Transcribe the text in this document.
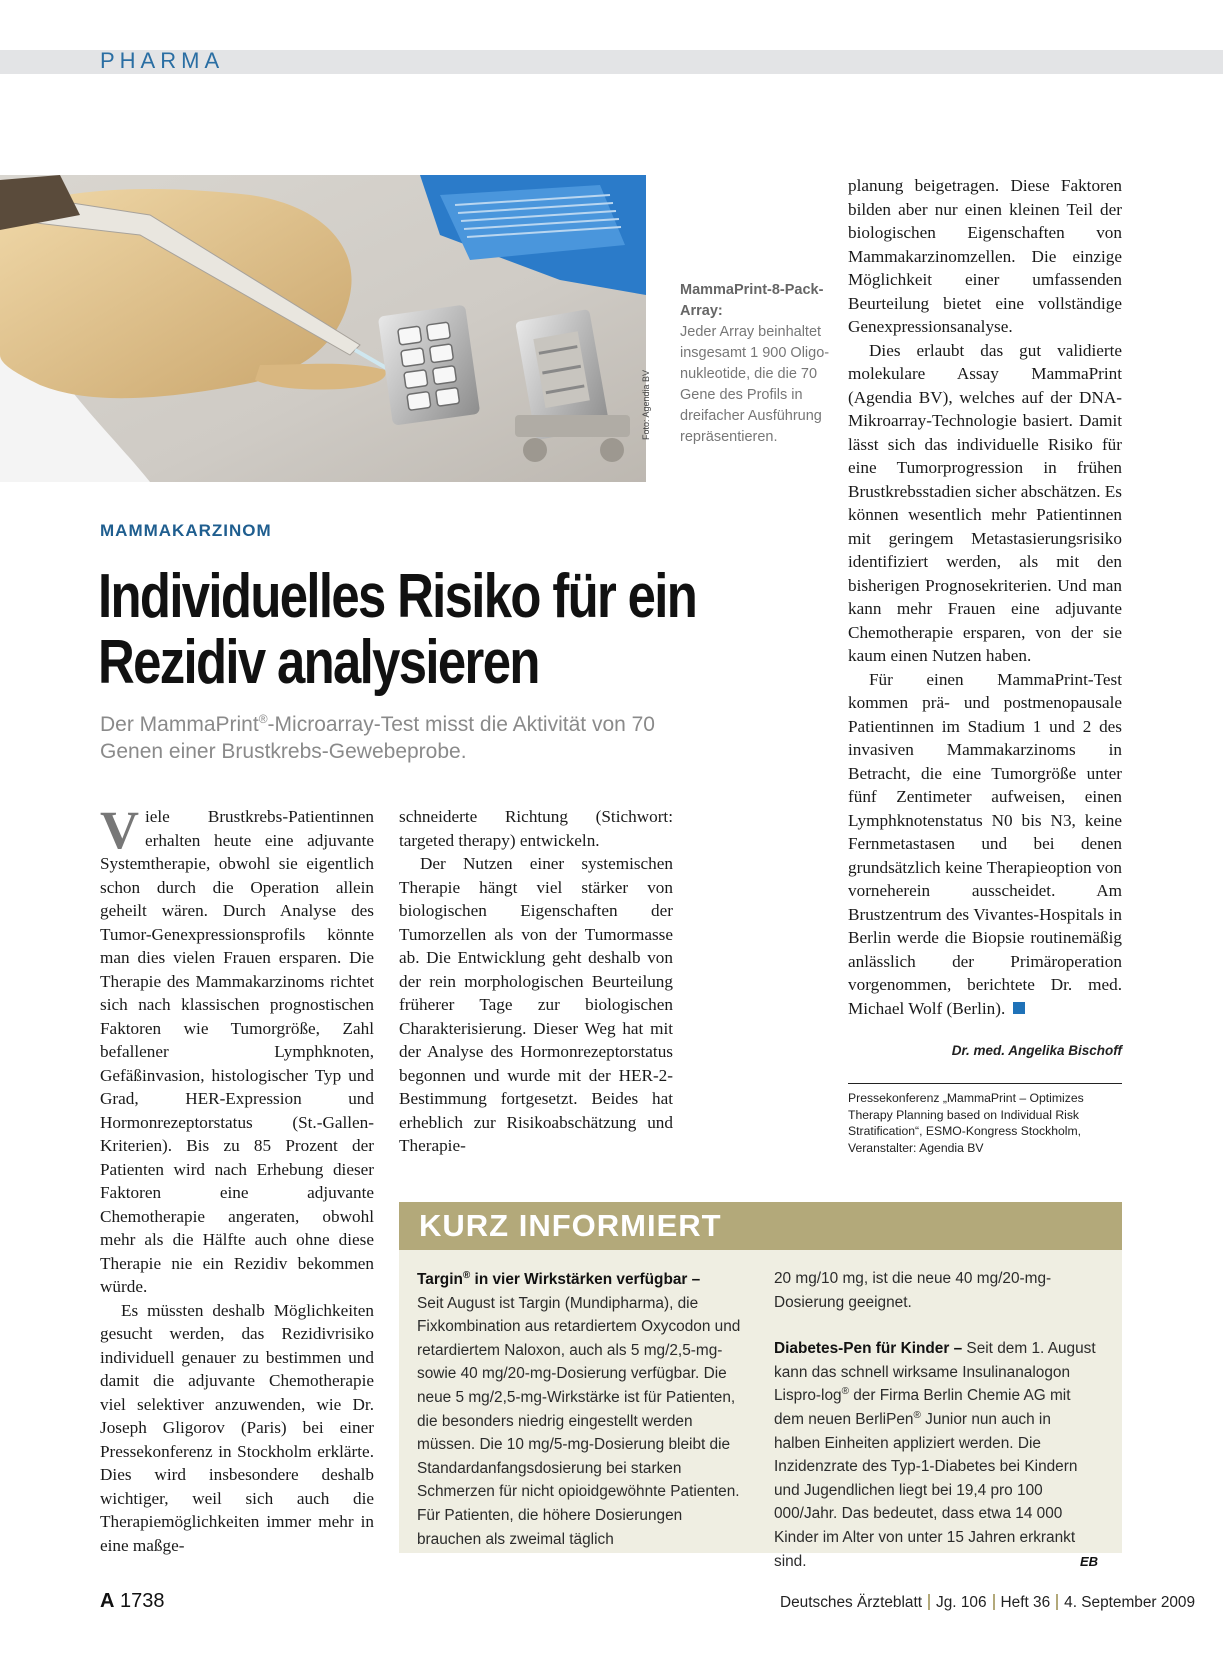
PHARMA
Foto: Agendia BV
MammaPrint-8-Pack-Array:
Jeder Array beinhaltet insgesamt 1 900 Oligo-nukleotide, die die 70 Gene des Profils in dreifacher Ausführung repräsentieren.
MAMMAKARZINOM
Individuelles Risiko für ein
Rezidiv analysieren
Der MammaPrint®-Microarray-Test misst die Aktivität von 70 Genen einer Brustkrebs-Gewebeprobe.

Viele Brustkrebs-Patientinnen erhalten heute eine adjuvante Systemtherapie, obwohl sie eigentlich schon durch die Operation allein geheilt wären. Durch Analyse des Tumor-Genexpressionsprofils könnte man dies vielen Frauen ersparen. Die Therapie des Mammakarzinoms richtet sich nach klassischen prognostischen Faktoren wie Tumorgröße, Zahl befallener Lymphknoten, Gefäßinvasion, histologischer Typ und Grad, HER-Expression und Hormonrezeptorstatus (St.-Gallen-Kriterien). Bis zu 85 Prozent der Patienten wird nach Erhebung dieser Faktoren eine adjuvante Chemotherapie angeraten, obwohl mehr als die Hälfte auch ohne diese Therapie nie ein Rezidiv bekommen würde.

Es müssten deshalb Möglichkeiten gesucht werden, das Rezidivrisiko individuell genauer zu bestimmen und damit die adjuvante Chemotherapie viel selektiver anzuwenden, wie Dr. Joseph Gligorov (Paris) bei einer Pressekonferenz in Stockholm erklärte. Dies wird insbesondere deshalb wichtiger, weil sich auch die Therapiemöglichkeiten immer mehr in eine maßge-

schneiderte Richtung (Stichwort: targeted therapy) entwickeln.

Der Nutzen einer systemischen Therapie hängt viel stärker von biologischen Eigenschaften der Tumorzellen als von der Tumormasse ab. Die Entwicklung geht deshalb von der rein morphologischen Beurteilung früherer Tage zur biologischen Charakterisierung. Dieser Weg hat mit der Analyse des Hormonrezeptorstatus begonnen und wurde mit der HER-2-Bestimmung fortgesetzt. Beides hat erheblich zur Risikoabschätzung und Therapie-

planung beigetragen. Diese Faktoren bilden aber nur einen kleinen Teil der biologischen Eigenschaften von Mammakarzinomzellen. Die einzige Möglichkeit einer umfassenden Beurteilung bietet eine vollständige Genexpressionsanalyse.

Dies erlaubt das gut validierte molekulare Assay MammaPrint (Agendia BV), welches auf der DNA-Mikroarray-Technologie basiert. Damit lässt sich das individuelle Risiko für eine Tumorprogression in frühen Brustkrebsstadien sicher abschätzen. Es können wesentlich mehr Patientinnen mit geringem Metastasierungsrisiko identifiziert werden, als mit den bisherigen Prognosekriterien. Und man kann mehr Frauen eine adjuvante Chemotherapie ersparen, von der sie kaum einen Nutzen haben.

Für einen MammaPrint-Test kommen prä- und postmenopausale Patientinnen im Stadium 1 und 2 des invasiven Mammakarzinoms in Betracht, die eine Tumorgröße unter fünf Zentimeter aufweisen, einen Lymphknotenstatus N0 bis N3, keine Fernmetastasen und bei denen grundsätzlich keine Therapieoption von vorneherein ausscheidet. Am Brustzentrum des Vivantes-Hospitals in Berlin werde die Biopsie routinemäßig anlässlich der Primäroperation vorgenommen, berichtete Dr. med. Michael Wolf (Berlin).

Dr. med. Angelika Bischoff
Pressekonferenz „MammaPrint – Optimizes Therapy Planning based on Individual Risk Stratification“, ESMO-Kongress Stockholm, Veranstalter: Agendia BV
KURZ INFORMIERT

Targin® in vier Wirkstärken verfügbar –
Seit August ist Targin (Mundipharma), die Fixkombination aus retardiertem Oxycodon und retardiertem Naloxon, auch als 5 mg/2,5-mg- sowie 40 mg/20-mg-Dosierung verfügbar. Die neue 5 mg/2,5-mg-Wirkstärke ist für Patienten, die besonders niedrig eingestellt werden müssen. Die 10 mg/5-mg-Dosierung bleibt die Standardanfangsdosierung bei starken Schmerzen für nicht opioidgewöhnte Patienten. Für Patienten, die höhere Dosierungen brauchen als zweimal täglich

20 mg/10 mg, ist die neue 40 mg/20-mg-Dosierung geeignet.

Diabetes-Pen für Kinder – Seit dem 1. August kann das schnell wirksame Insulinanalogon Lispro-log® der Firma Berlin Chemie AG mit dem neuen BerliPen® Junior nun auch in halben Einheiten appliziert werden. Die Inzidenzrate des Typ-1-Diabetes bei Kindern und Jugendlichen liegt bei 19,4 pro 100 000/Jahr. Das bedeutet, dass etwa 14 000 Kinder im Alter von unter 15 Jahren erkrankt sind.	EB

A 1738	Deutsches Ärzteblatt Jg. 106 Heft 36 4. September 2009
